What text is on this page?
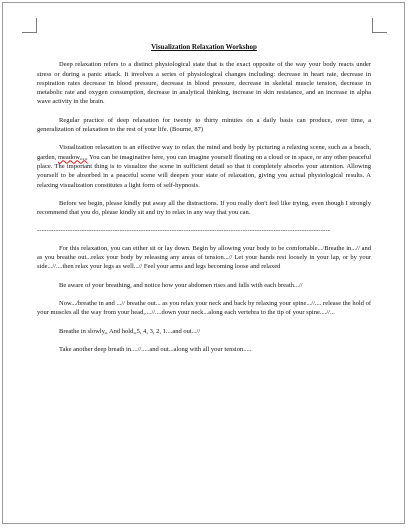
Visualization Relaxation Workshop

Deep relaxation refers to a distinct physiological state that is the exact opposite of the way your body reacts under stress or during a panic attack. It involves a series of physiological changes including: decrease in heart rate, decrease in respiration rates decrease in blood pressure, decrease in blood pressure, decrease in skeletal muscle tension, decrease in metabolic rate and oxygen consumption, decrease in analytical thinking, increase in skin resistance, and an increase in alpha wave activity in the brain.

Regular practice of deep relaxation for twenty to thirty minutes on a daily basis can produce, over time, a generalization of relaxation to the rest of your life. (Bourne, 87)

Visualization relaxation is an effective way to relax the mind and body by picturing a relaxing scene, such as a beach, garden, meadow,,,,, You can be imaginative here, you can imagine yourself floating on a cloud or in space, or any other peaceful place. The important thing is to visualize the scene in sufficient detail so that it completely absorbs your attention. Allowing yourself to be absorbed in a peaceful scene will deepen your state of relaxation, giving you actual physiological results. A relaxing visualization constitutes a light form of self-hypnosis.

Before we begin, please kindly put away all the distractions. If you really don't feel like trying, even though I strongly recommend that you do, please kindly sit and try to relax in any way that you can.

----------------------------------------------------------------------------------------------------------------------------

For this relaxation, you can either sit or lay down. Begin by allowing your body to be comfortable.../Breathe in...// and as you breathe out...relax your body by releasing any areas of tension...// Let your hands rest loosely in your lap, or by your side...//....then relax your legs as well...// Feel your arms and legs becoming loose and relaxed

Be aware of your breathing, and notice how your abdomen rises and falls with each breath...//

Now.../breathe in and ...// breathe out... as you relax your neck and back by relaxing your spine...//.... release the hold of your muscles all the way from your head,....//....down your neck...along each vertebra to the tip of your spine....//...

Breathe in slowly,, And hold,,5, 4, 3, 2, 1....and out...//

Take another deep breath in....//.....and out...along with all your tension.....
